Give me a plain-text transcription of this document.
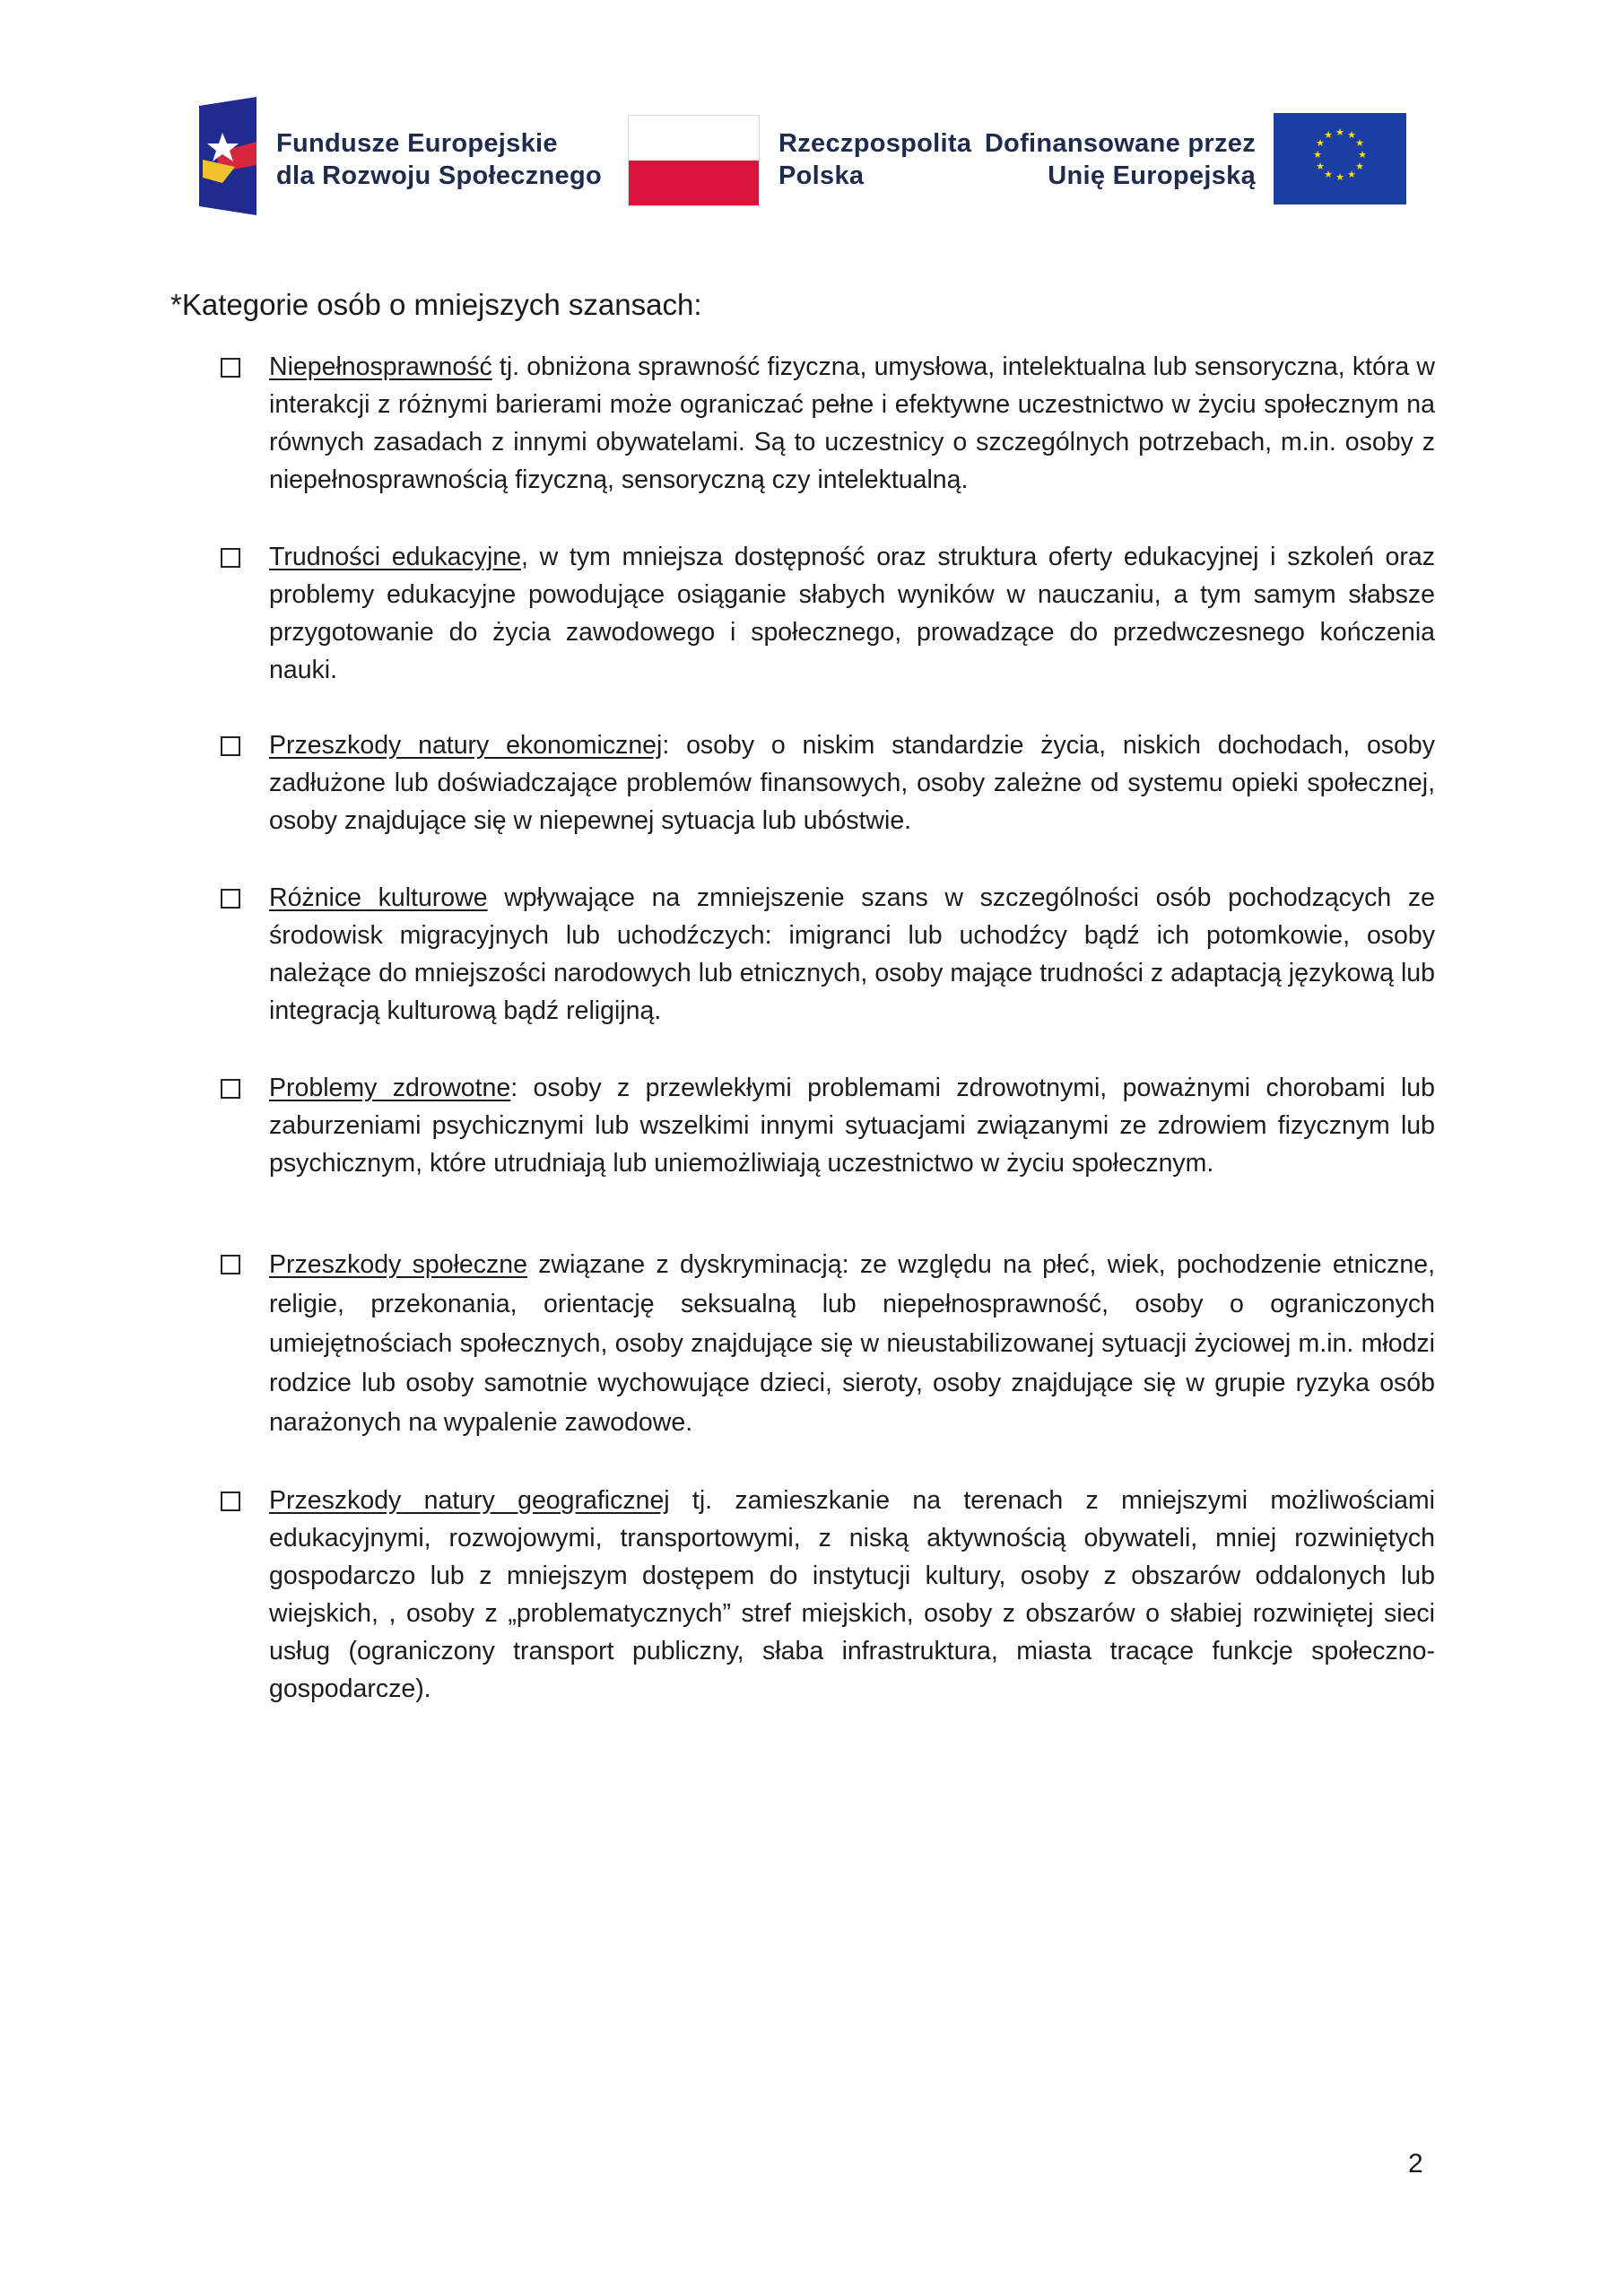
Fundusze Europejskie
dla Rozwoju Społecznego
Rzeczpospolita
Polska
Dofinansowane przez
Unię Europejską
★ ★
★
★
★
★
★
★
★
★
★
★
*Kategorie osób o mniejszych szansach:
Niepełnosprawność tj. obniżona sprawność fizyczna, umysłowa, intelektualna lub sensoryczna, która w interakcji z różnymi barierami może ograniczać pełne i efektywne uczestnictwo w życiu społecznym na równych zasadach z innymi obywatelami. Są to uczestnicy o szczególnych potrzebach, m.in. osoby z niepełnosprawnością fizyczną, sensoryczną czy intelektualną.
Trudności edukacyjne, w tym mniejsza dostępność oraz struktura oferty edukacyjnej i szkoleń oraz problemy edukacyjne powodujące osiąganie słabych wyników w nauczaniu, a tym samym słabsze przygotowanie do życia zawodowego i społecznego, prowadzące do przedwczesnego kończenia nauki.
Przeszkody natury ekonomicznej: osoby o niskim standardzie życia, niskich dochodach, osoby zadłużone lub doświadczające problemów finansowych, osoby zależne od systemu opieki społecznej, osoby znajdujące się w niepewnej sytuacja lub ubóstwie.
Różnice kulturowe wpływające na zmniejszenie szans w szczególności osób pochodzących ze środowisk migracyjnych lub uchodźczych: imigranci lub uchodźcy bądź ich potomkowie, osoby należące do mniejszości narodowych lub etnicznych, osoby mające trudności z adaptacją językową lub integracją kulturową bądź religijną.
Problemy zdrowotne: osoby z przewlekłymi problemami zdrowotnymi, poważnymi chorobami lub zaburzeniami psychicznymi lub wszelkimi innymi sytuacjami związanymi ze zdrowiem fizycznym lub psychicznym, które utrudniają lub uniemożliwiają uczestnictwo w życiu społecznym.
Przeszkody społeczne związane z dyskryminacją: ze względu na płeć, wiek, pochodzenie etniczne, religie, przekonania, orientację seksualną lub niepełnosprawność, osoby o ograniczonych umiejętnościach społecznych, osoby znajdujące się w nieustabilizowanej sytuacji życiowej m.in. młodzi rodzice lub osoby samotnie wychowujące dzieci, sieroty, osoby znajdujące się w grupie ryzyka osób narażonych na wypalenie zawodowe.
Przeszkody natury geograficznej tj. zamieszkanie na terenach z mniejszymi możliwościami edukacyjnymi, rozwojowymi, transportowymi, z niską aktywnością obywateli, mniej rozwiniętych gospodarczo lub z mniejszym dostępem do instytucji kultury, osoby z obszarów oddalonych lub wiejskich, , osoby z „problematycznych” stref miejskich, osoby z obszarów o słabiej rozwiniętej sieci usług (ograniczony transport publiczny, słaba infrastruktura, miasta tracące funkcje społeczno-gospodarcze).
2
